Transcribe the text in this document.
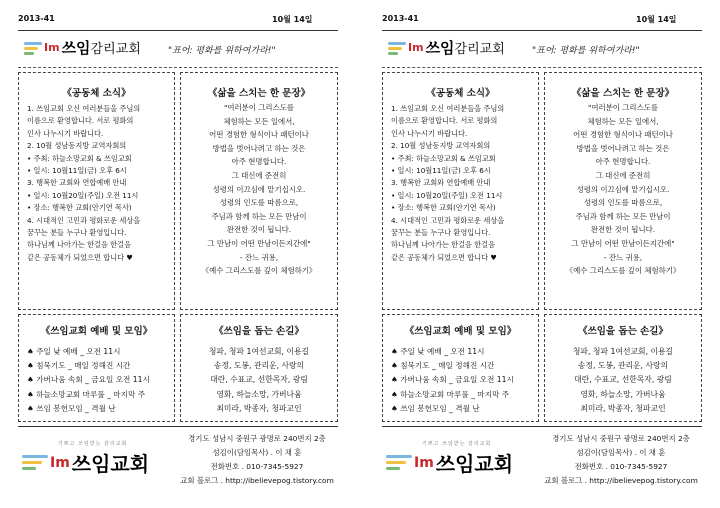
2013-41	10월 14일
Im 쓰임 감리교회	"표어: 평화를 위하여가라!"
《공동체 소식》

1. 쓰임교회 오신 여러분들을 주님의

이름으로 환영합니다. 서로 평화의

인사 나누시기 바랍니다.

2. 10월 성남동지방 교역자회의

• 주최: 하늘소망교회 & 쓰임교회

• 일시: 10월11일(금) 오후 6시

3. 행복한 교회와 연합예배 안내

• 일시: 10월20일(주일) 오전 11시

• 장소: 행복한 교회(안기연 목사)

4. 시대적인 고민과 평화로운 세상을

꿈꾸는 분들 누구나 환영입니다.

하나님께 나아가는 한걸음 한걸음

같은 공동체가 되었으면 합니다 ♥

《삶을 스치는 한 문장》

"여러분이 그리스도를

체험하는 모든 일에서,

어떤 경험한 형식이나 패턴이나

방법을 벗어나려고 하는 것은

아주 현명합니다.

그 대신에 준전히

성령의 이끄심에 맡기십시오.

성령의 인도를 따름으로,

주님과 함께 하는 모든 만남이

완전한 것이 됩니다.

그 만남이 어떤 만남이든지간에"

- 잔느 귀용,

《예수 그리스도를 깊이 체험하기》

《쓰임교회 예배 및 모임》

♠ 주일 낮 예배 _ 오전 11시

♠ 침묵기도 _ 매일 정해진 시간

♠ 가버나움 속회 _ 금요일 오전 11시

♠ 하늘소망교회 마루풀 _ 마지막 주

♠ 쓰임 봉헌모임 _ 격월 난

《쓰임을 돕는 손길》

청파, 청파 1여선교회, 이용길

송정, 도봉, 관리운, 사랑의

대란, 수표교, 선한목자, 광림

영화, 하늘소망, 가버나움

최미라, 박종자, 청파교인

기쁘고 쓰임받는 감리교회
Im 쓰임교회

경기도 성남시 중원구 광명로 240번지 2층

섬김이(담임목사) . 이 채 훈

전화번호 . 010-7345-5927

교회 블로그 . http://ibelievepog.tistory.com

2013-41	10월 14일
Im 쓰임 감리교회	"표어: 평화를 위하여가라!"
《공동체 소식》

1. 쓰임교회 오신 여러분들을 주님의

이름으로 환영합니다. 서로 평화의

인사 나누시기 바랍니다.

2. 10월 성남동지방 교역자회의

• 주최: 하늘소망교회 & 쓰임교회

• 일시: 10월11일(금) 오후 6시

3. 행복한 교회와 연합예배 안내

• 일시: 10월20일(주일) 오전 11시

• 장소: 행복한 교회(안기연 목사)

4. 시대적인 고민과 평화로운 세상을

꿈꾸는 분들 누구나 환영입니다.

하나님께 나아가는 한걸음 한걸음

같은 공동체가 되었으면 합니다 ♥

《삶을 스치는 한 문장》

"여러분이 그리스도를

체험하는 모든 일에서,

어떤 경험한 형식이나 패턴이나

방법을 벗어나려고 하는 것은

아주 현명합니다.

그 대신에 준전히

성령의 이끄심에 맡기십시오.

성령의 인도를 따름으로,

주님과 함께 하는 모든 만남이

완전한 것이 됩니다.

그 만남이 어떤 만남이든지간에"

- 잔느 귀용,

《예수 그리스도를 깊이 체험하기》

《쓰임교회 예배 및 모임》

♠ 주일 낮 예배 _ 오전 11시

♠ 침묵기도 _ 매일 정해진 시간

♠ 가버나움 속회 _ 금요일 오전 11시

♠ 하늘소망교회 마루풀 _ 마지막 주

♠ 쓰임 봉헌모임 _ 격월 난

《쓰임을 돕는 손길》

청파, 청파 1여선교회, 이용길

송정, 도봉, 관리운, 사랑의

대란, 수표교, 선한목자, 광림

영화, 하늘소망, 가버나움

최미라, 박종자, 청파교인

기쁘고 쓰임받는 감리교회
Im 쓰임교회

경기도 성남시 중원구 광명로 240번지 2층

섬김이(담임목사) . 이 채 훈

전화번호 . 010-7345-5927

교회 블로그 . http://ibelievepog.tistory.com
